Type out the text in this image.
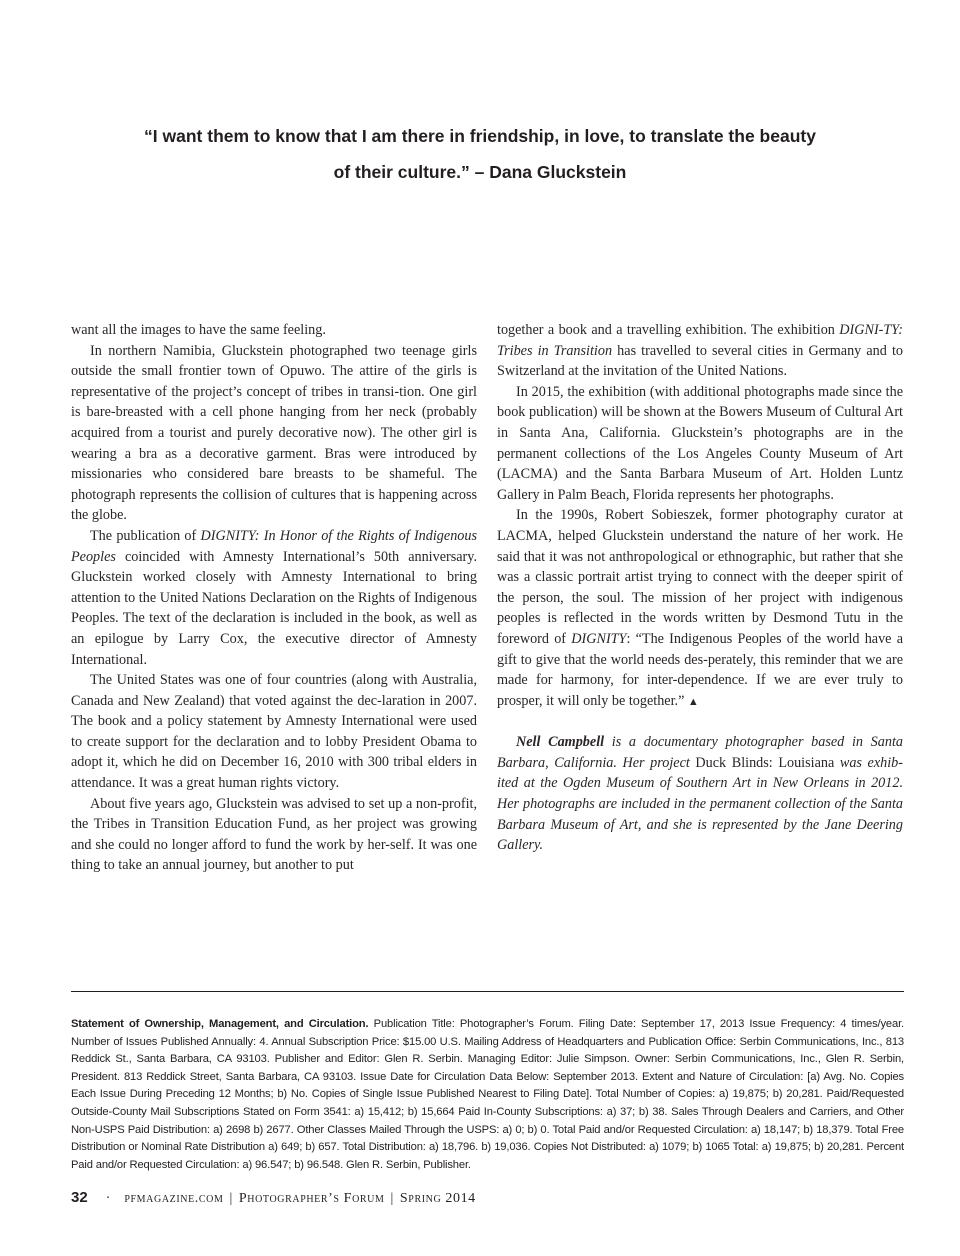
“I want them to know that I am there in friendship, in love, to translate the beauty
of their culture.” – Dana Gluckstein

want all the images to have the same feeling.

In northern Namibia, Gluckstein photographed two teenage girls outside the small frontier town of Opuwo. The attire of the girls is representative of the project’s concept of tribes in transi-tion. One girl is bare-breasted with a cell phone hanging from her neck (probably acquired from a tourist and purely decorative now). The other girl is wearing a bra as a decorative garment. Bras were introduced by missionaries who considered bare breasts to be shameful. The photograph represents the collision of cultures that is happening across the globe.

The publication of DIGNITY: In Honor of the Rights of Indigenous Peoples coincided with Amnesty International’s 50th anniversary. Gluckstein worked closely with Amnesty International to bring attention to the United Nations Declaration on the Rights of Indigenous Peoples. The text of the declaration is included in the book, as well as an epilogue by Larry Cox, the executive director of Amnesty International.

The United States was one of four countries (along with Australia, Canada and New Zealand) that voted against the dec-laration in 2007. The book and a policy statement by Amnesty International were used to create support for the declaration and to lobby President Obama to adopt it, which he did on December 16, 2010 with 300 tribal elders in attendance. It was a great human rights victory.

About five years ago, Gluckstein was advised to set up a non-profit, the Tribes in Transition Education Fund, as her project was growing and she could no longer afford to fund the work by her-self. It was one thing to take an annual journey, but another to put

together a book and a travelling exhibition. The exhibition DIGNI-TY: Tribes in Transition has travelled to several cities in Germany and to Switzerland at the invitation of the United Nations.

In 2015, the exhibition (with additional photographs made since the book publication) will be shown at the Bowers Museum of Cultural Art in Santa Ana, California. Gluckstein’s photographs are in the permanent collections of the Los Angeles County Museum of Art (LACMA) and the Santa Barbara Museum of Art. Holden Luntz Gallery in Palm Beach, Florida represents her photographs.

In the 1990s, Robert Sobieszek, former photography curator at LACMA, helped Gluckstein understand the nature of her work. He said that it was not anthropological or ethnographic, but rather that she was a classic portrait artist trying to connect with the deeper spirit of the person, the soul. The mission of her project with indigenous peoples is reflected in the words written by Desmond Tutu in the foreword of DIGNITY: “The Indigenous Peoples of the world have a gift to give that the world needs des-perately, this reminder that we are made for harmony, for inter-dependence. If we are ever truly to prosper, it will only be together.” ▲

Nell Campbell is a documentary photographer based in Santa Barbara, California. Her project Duck Blinds: Louisiana was exhib-ited at the Ogden Museum of Southern Art in New Orleans in 2012. Her photographs are included in the permanent collection of the Santa Barbara Museum of Art, and she is represented by the Jane Deering Gallery.

Statement of Ownership, Management, and Circulation. Publication Title: Photographer’s Forum. Filing Date: September 17, 2013 Issue Frequency: 4 times/year. Number of Issues Published Annually: 4. Annual Subscription Price: $15.00 U.S. Mailing Address of Headquarters and Publication Office: Serbin Communications, Inc., 813 Reddick St., Santa Barbara, CA 93103. Publisher and Editor: Glen R. Serbin. Managing Editor: Julie Simpson. Owner: Serbin Communications, Inc., Glen R. Serbin, President. 813 Reddick Street, Santa Barbara, CA 93103. Issue Date for Circulation Data Below: September 2013. Extent and Nature of Circulation: [a) Avg. No. Copies Each Issue During Preceding 12 Months; b) No. Copies of Single Issue Published Nearest to Filing Date]. Total Number of Copies: a) 19,875; b) 20,281. Paid/Requested Outside-County Mail Subscriptions Stated on Form 3541: a) 15,412; b) 15,664 Paid In-County Subscriptions: a) 37; b) 38. Sales Through Dealers and Carriers, and Other Non-USPS Paid Distribution: a) 2698 b) 2677. Other Classes Mailed Through the USPS: a) 0; b) 0. Total Paid and/or Requested Circulation: a) 18,147; b) 18,379. Total Free Distribution or Nominal Rate Distribution a) 649; b) 657. Total Distribution: a) 18,796. b) 19,036. Copies Not Distributed: a) 1079; b) 1065 Total: a) 19,875; b) 20,281. Percent Paid and/or Requested Circulation: a) 96.547; b) 96.548. Glen R. Serbin, Publisher.
32 · pfmagazine.com | Photographer’s Forum | Spring 2014
